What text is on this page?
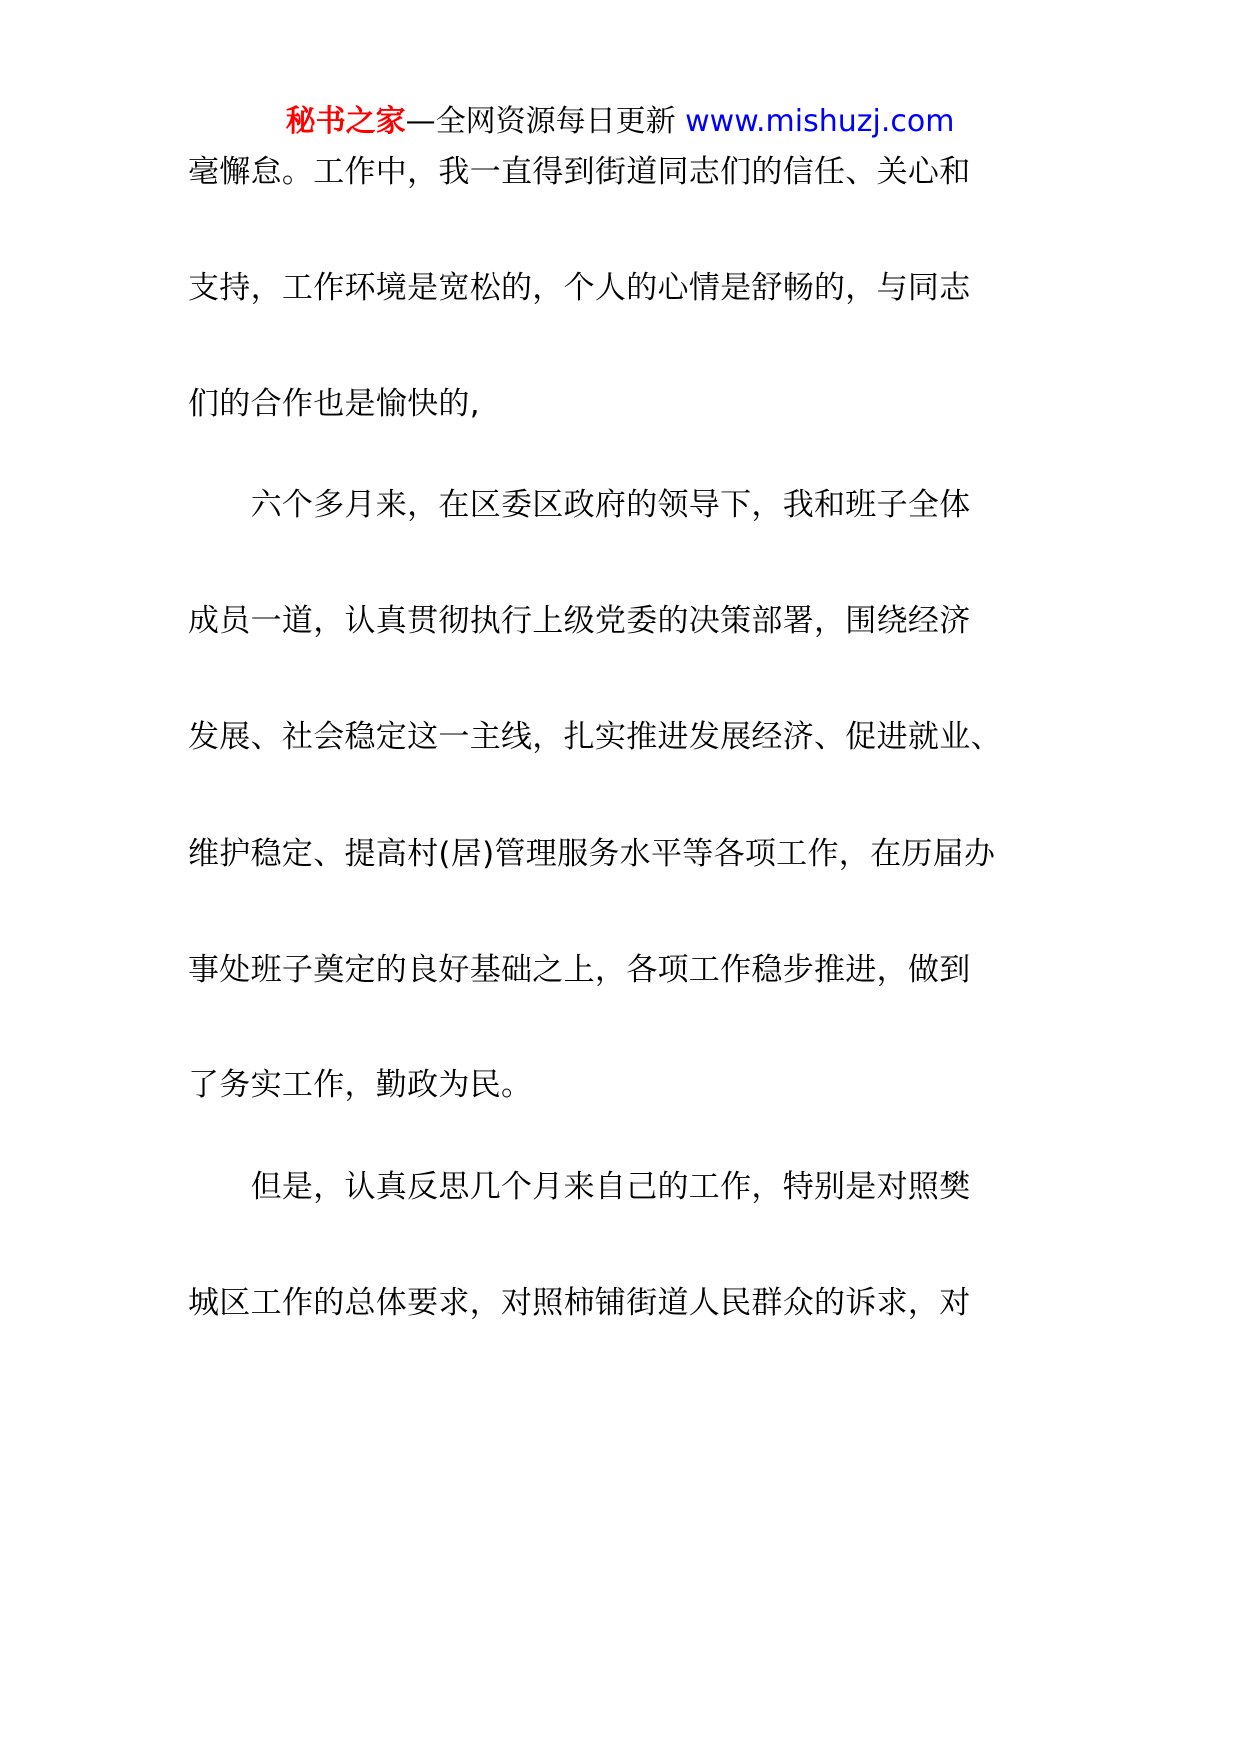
秘书之家—全网资源每日更新 www.mishuzj.com
毫懈怠。工作中，我一直得到街道同志们的信任、关心和
支持，工作环境是宽松的，个人的心情是舒畅的，与同志
们的合作也是愉快的,
　　六个多月来，在区委区政府的领导下，我和班子全体
成员一道，认真贯彻执行上级党委的决策部署，围绕经济
发展、社会稳定这一主线，扎实推进发展经济、促进就业、
维护稳定、提高村(居)管理服务水平等各项工作，在历届办
事处班子奠定的良好基础之上，各项工作稳步推进，做到
了务实工作，勤政为民。
　　但是，认真反思几个月来自己的工作，特别是对照樊
城区工作的总体要求，对照柿铺街道人民群众的诉求，对
